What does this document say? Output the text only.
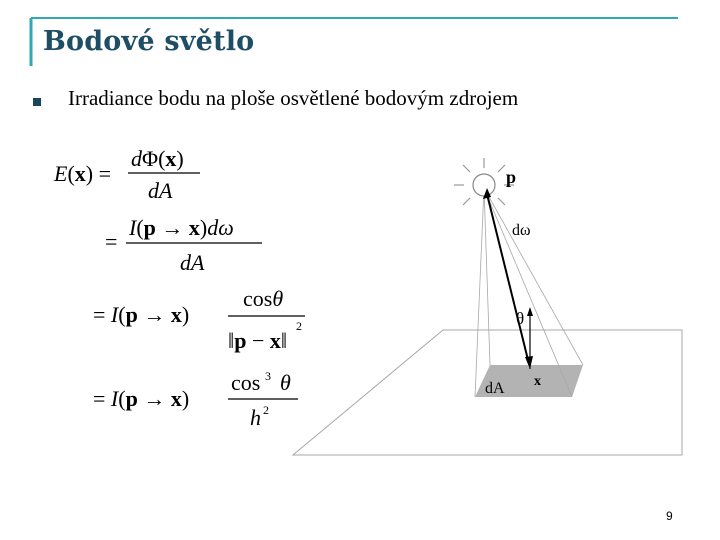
Bodové světlo
Irradiance bodu na ploše osvětlené bodovým zdrojem
E(x) =
dΦ(x)
dA
=
I(p → x)dω
dA
= I(p → x)
cosθ
‖p − x‖
2
= I(p → x)
cos 3 θ
h 2
p
dω
θ
x
dA
9
